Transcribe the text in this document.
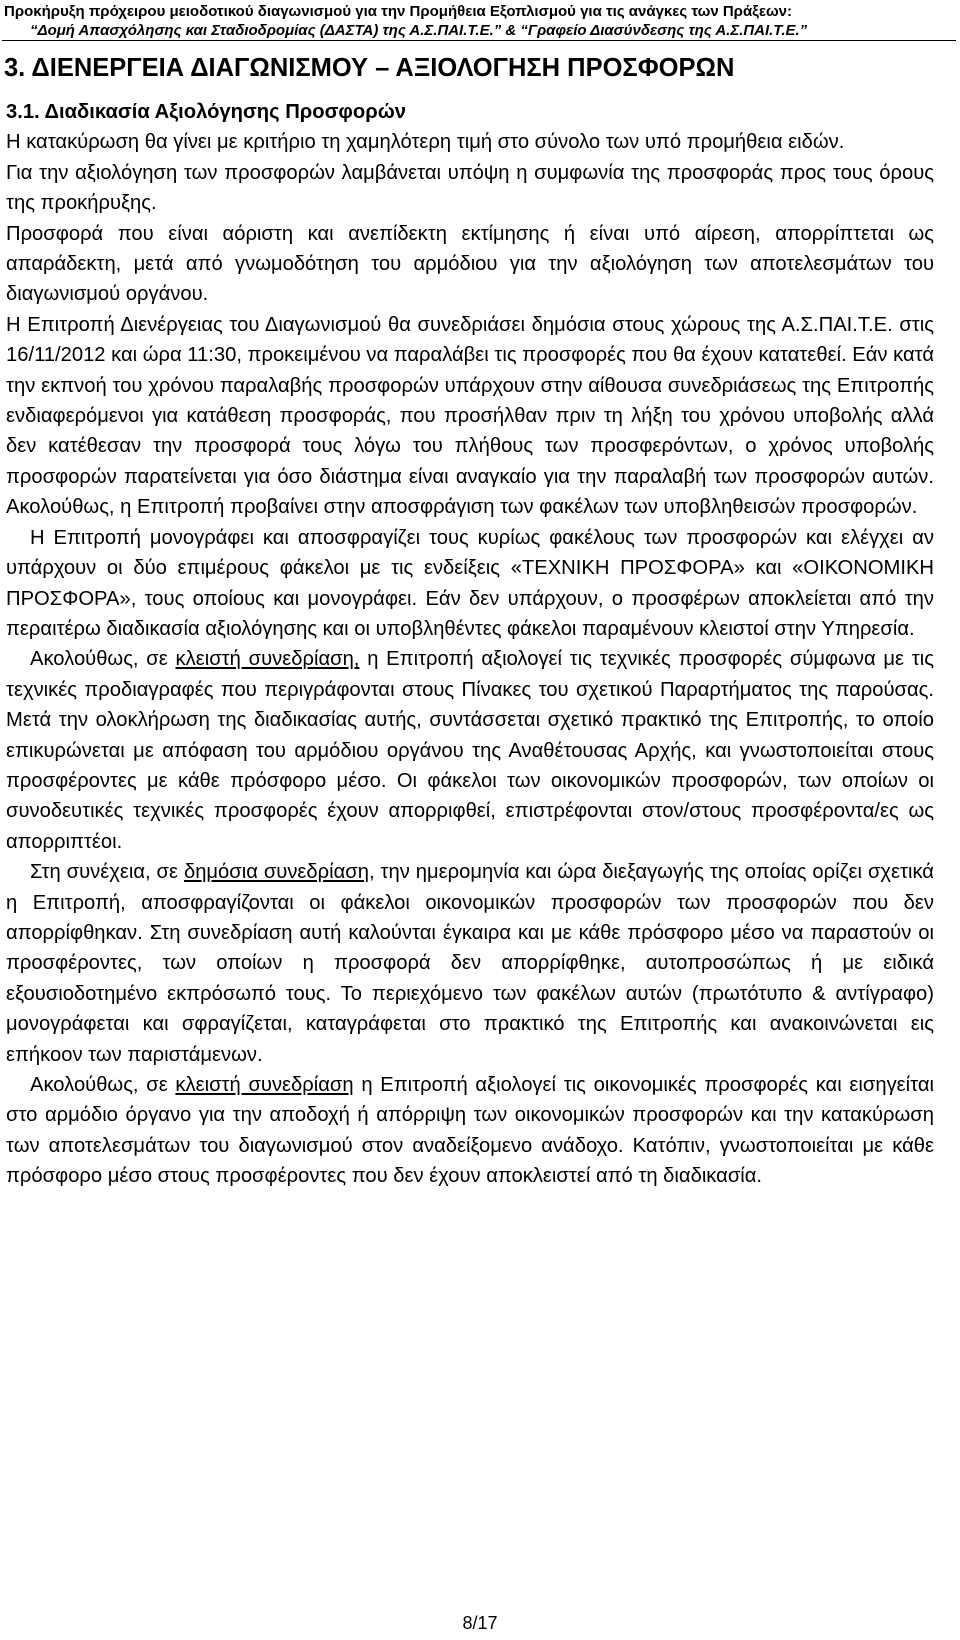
Προκήρυξη πρόχειρου μειοδοτικού διαγωνισμού για την Προμήθεια Εξοπλισμού για τις ανάγκες των Πράξεων:
“Δομή Απασχόλησης και Σταδιοδρομίας (ΔΑΣΤΑ) της Α.Σ.ΠΑΙ.Τ.Ε.” & “Γραφείο Διασύνδεσης της Α.Σ.ΠΑΙ.Τ.Ε.”
3. ΔΙΕΝΕΡΓΕΙΑ ΔΙΑΓΩΝΙΣΜΟΥ – ΑΞΙΟΛΟΓΗΣΗ ΠΡΟΣΦΟΡΩΝ

3.1. Διαδικασία Αξιολόγησης Προσφορών

Η κατακύρωση θα γίνει με κριτήριο τη χαμηλότερη τιμή στο σύνολο των υπό προμήθεια ειδών.

Για την αξιολόγηση των προσφορών λαμβάνεται υπόψη η συμφωνία της προσφοράς προς τους όρους της προκήρυξης.

Προσφορά που είναι αόριστη και ανεπίδεκτη εκτίμησης ή είναι υπό αίρεση, απορρίπτεται ως απαράδεκτη, μετά από γνωμοδότηση του αρμόδιου για την αξιολόγηση των αποτελεσμάτων του διαγωνισμού οργάνου.

Η Επιτροπή Διενέργειας του Διαγωνισμού θα συνεδριάσει δημόσια στους χώρους της Α.Σ.ΠΑΙ.Τ.Ε. στις 16/11/2012 και ώρα 11:30, προκειμένου να παραλάβει τις προσφορές που θα έχουν κατατεθεί. Εάν κατά την εκπνοή του χρόνου παραλαβής προσφορών υπάρχουν στην αίθουσα συνεδριάσεως της Επιτροπής ενδιαφερόμενοι για κατάθεση προσφοράς, που προσήλθαν πριν τη λήξη του χρόνου υποβολής αλλά δεν κατέθεσαν την προσφορά τους λόγω του πλήθους των προσφερόντων, ο χρόνος υποβολής προσφορών παρατείνεται για όσο διάστημα είναι αναγκαίο για την παραλαβή των προσφορών αυτών. Ακολούθως, η Επιτροπή προβαίνει στην αποσφράγιση των φακέλων των υποβληθεισών προσφορών.

Η Επιτροπή μονογράφει και αποσφραγίζει τους κυρίως φακέλους των προσφορών και ελέγχει αν υπάρχουν οι δύο επιμέρους φάκελοι με τις ενδείξεις «ΤΕΧΝΙΚΗ ΠΡΟΣΦΟΡΑ» και «ΟΙΚΟΝΟΜΙΚΗ ΠΡΟΣΦΟΡΑ», τους οποίους και μονογράφει. Εάν δεν υπάρχουν, ο προσφέρων αποκλείεται από την περαιτέρω διαδικασία αξιολόγησης και οι υποβληθέντες φάκελοι παραμένουν κλειστοί στην Υπηρεσία.

Ακολούθως, σε κλειστή συνεδρίαση, η Επιτροπή αξιολογεί τις τεχνικές προσφορές σύμφωνα με τις τεχνικές προδιαγραφές που περιγράφονται στους Πίνακες του σχετικού Παραρτήματος της παρούσας. Μετά την ολοκλήρωση της διαδικασίας αυτής, συντάσσεται σχετικό πρακτικό της Επιτροπής, το οποίο επικυρώνεται με απόφαση του αρμόδιου οργάνου της Αναθέτουσας Αρχής, και γνωστοποιείται στους προσφέροντες με κάθε πρόσφορο μέσο. Οι φάκελοι των οικονομικών προσφορών, των οποίων οι συνοδευτικές τεχνικές προσφορές έχουν απορριφθεί, επιστρέφονται στον/στους προσφέροντα/ες ως απορριπτέοι.

Στη συνέχεια, σε δημόσια συνεδρίαση, την ημερομηνία και ώρα διεξαγωγής της οποίας ορίζει σχετικά η Επιτροπή, αποσφραγίζονται οι φάκελοι οικονομικών προσφορών των προσφορών που δεν απορρίφθηκαν. Στη συνεδρίαση αυτή καλούνται έγκαιρα και με κάθε πρόσφορο μέσο να παραστούν οι προσφέροντες, των οποίων η προσφορά δεν απορρίφθηκε, αυτοπροσώπως ή με ειδικά εξουσιοδοτημένο εκπρόσωπό τους. Το περιεχόμενο των φακέλων αυτών (πρωτότυπο & αντίγραφο) μονογράφεται και σφραγίζεται, καταγράφεται στο πρακτικό της Επιτροπής και ανακοινώνεται εις επήκοον των παριστάμενων.

Ακολούθως, σε κλειστή συνεδρίαση η Επιτροπή αξιολογεί τις οικονομικές προσφορές και εισηγείται στο αρμόδιο όργανο για την αποδοχή ή απόρριψη των οικονομικών προσφορών και την κατακύρωση των αποτελεσμάτων του διαγωνισμού στον αναδείξομενο ανάδοχο. Κατόπιν, γνωστοποιείται με κάθε πρόσφορο μέσο στους προσφέροντες που δεν έχουν αποκλειστεί από τη διαδικασία.

8/17
